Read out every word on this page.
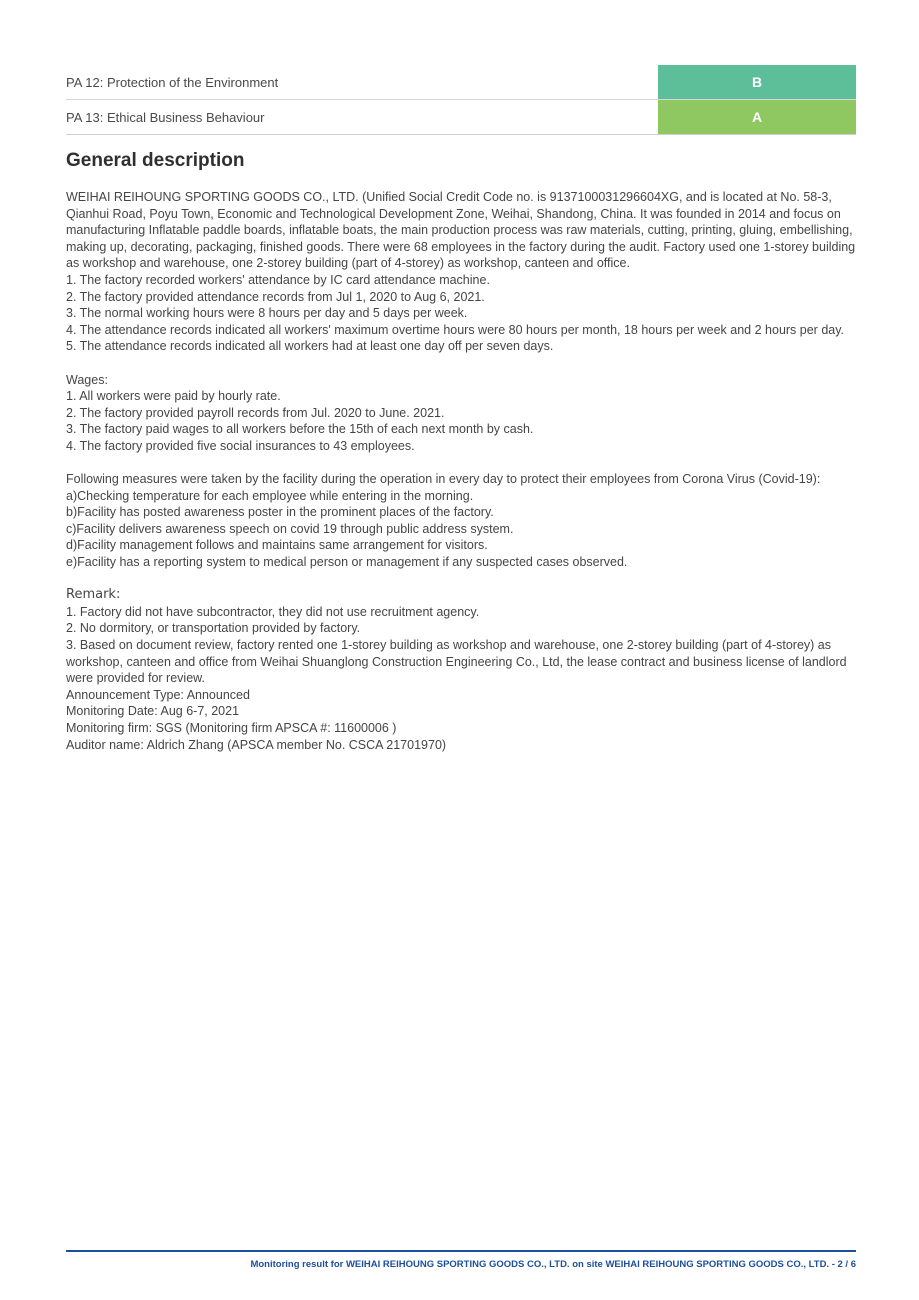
PA 12: Protection of the Environment	B
PA 13: Ethical Business Behaviour	A
General description

WEIHAI REIHOUNG SPORTING GOODS CO., LTD. (Unified Social Credit Code no. is 9137100031296604XG, and is located at No. 58-3, Qianhui Road, Poyu Town, Economic and Technological Development Zone, Weihai, Shandong, China. It was founded in 2014 and focus on manufacturing Inflatable paddle boards, inflatable boats, the main production process was raw materials, cutting, printing, gluing, embellishing, making up, decorating, packaging, finished goods. There were 68 employees in the factory during the audit. Factory used one 1-storey building as workshop and warehouse, one 2-storey building (part of 4-storey) as workshop, canteen and office.

1. The factory recorded workers' attendance by IC card attendance machine.

2. The factory provided attendance records from Jul 1, 2020 to Aug 6, 2021.

3. The normal working hours were 8 hours per day and 5 days per week.

4. The attendance records indicated all workers' maximum overtime hours were 80 hours per month, 18 hours per week and 2 hours per day.

5. The attendance records indicated all workers had at least one day off per seven days.

Wages:

1. All workers were paid by hourly rate.

2. The factory provided payroll records from Jul. 2020 to June. 2021.

3. The factory paid wages to all workers before the 15th of each next month by cash.

4. The factory provided five social insurances to 43 employees.

Following measures were taken by the facility during the operation in every day to protect their employees from Corona Virus (Covid-19):

a)Checking temperature for each employee while entering in the morning.

b)Facility has posted awareness poster in the prominent places of the factory.

c)Facility delivers awareness speech on covid 19 through public address system.

d)Facility management follows and maintains same arrangement for visitors.

e)Facility has a reporting system to medical person or management if any suspected cases observed.

Remark:

1. Factory did not have subcontractor, they did not use recruitment agency.

2. No dormitory, or transportation provided by factory.

3. Based on document review, factory rented one 1-storey building as workshop and warehouse, one 2-storey building (part of 4-storey) as workshop, canteen and office from Weihai Shuanglong Construction Engineering Co., Ltd, the lease contract and business license of landlord were provided for review.

Announcement Type: Announced

Monitoring Date: Aug 6-7, 2021

Monitoring firm: SGS (Monitoring firm APSCA #: 11600006 )

Auditor name: Aldrich Zhang (APSCA member No. CSCA 21701970)

Monitoring result for WEIHAI REIHOUNG SPORTING GOODS CO., LTD. on site WEIHAI REIHOUNG SPORTING GOODS CO., LTD. - 2 / 6
